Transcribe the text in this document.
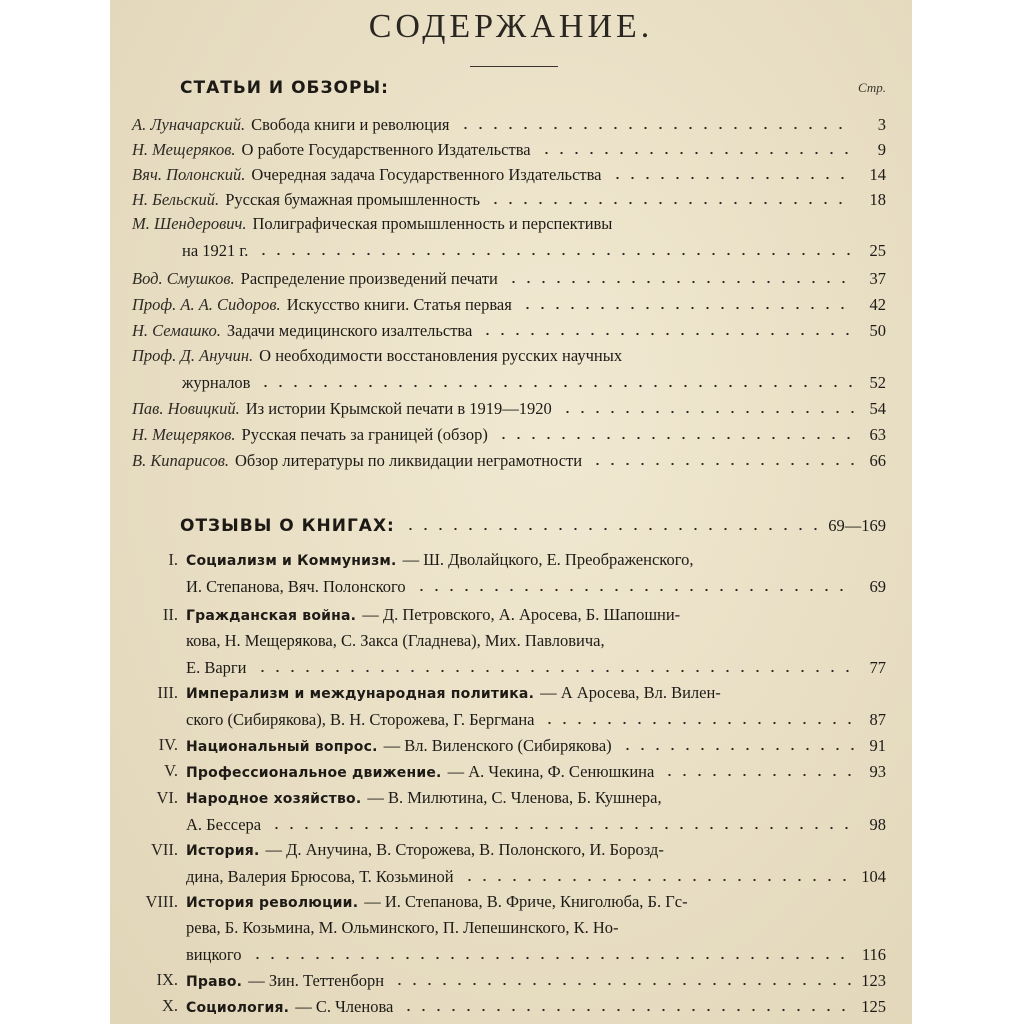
СОДЕРЖАНИЕ.
СТАТЬИ И ОБЗОРЫ:	Стр.
А. Луначарский. Свобода книги и революция	3
Н. Мещеряков. О работе Государственного Издательства	9
Вяч. Полонский. Очередная задача Государственного Издательства	14
Н. Бельский. Русская бумажная промышленность	18
М. Шендерович. Полиграфическая промышленность и перспективы
на 1921 г.	25
Вод. Смушков. Распределение произведений печати	37
Проф. А. А. Сидоров. Искусство книги. Статья первая	42
Н. Семашко. Задачи медицинского изалтельства	50
Проф. Д. Анучин. О необходимости восстановления русских научных
журналов	52
Пав. Новицкий. Из истории Крымской печати в 1919—1920	54
Н. Мещеряков. Русская печать за границей (обзор)	63
В. Кипарисов. Обзор литературы по ликвидации неграмотности	66
ОТЗЫВЫ О КНИГАХ:	69—169
I. Социализм и Коммунизм. — Ш. Дволайцкого, Е. Преображенского,
И. Степанова, Вяч. Полонского	69
II. Гражданская война. — Д. Петровского, А. Аросева, Б. Шапошни-
кова, Н. Мещерякова, С. Закса (Гладнева), Мих. Павловича,
Е. Варги	77
III. Имперализм и международная политика. — А Аросева, Вл. Вилен-
ского (Сибирякова), В. Н. Сторожева, Г. Бергмана	87
IV. Национальный вопрос. — Вл. Виленского (Сибирякова)	91
V. Профессиональное движение. — А. Чекина, Ф. Сенюшкина	93
VI. Народное хозяйство. — В. Милютина, С. Членова, Б. Кушнера,
А. Бессера	98
VII. История. — Д. Анучина, В. Сторожева, В. Полонского, И. Борозд-
дина, Валерия Брюсова, Т. Козьминой	104
VIII. История революции. — И. Степанова, В. Фриче, Книголюба, Б. Гс-
рева, Б. Козьмина, М. Ольминского, П. Лепешинского, К. Но-
вицкого	116
IX. Право. — Зин. Теттенборн	123
X. Социология. — С. Членова	125
